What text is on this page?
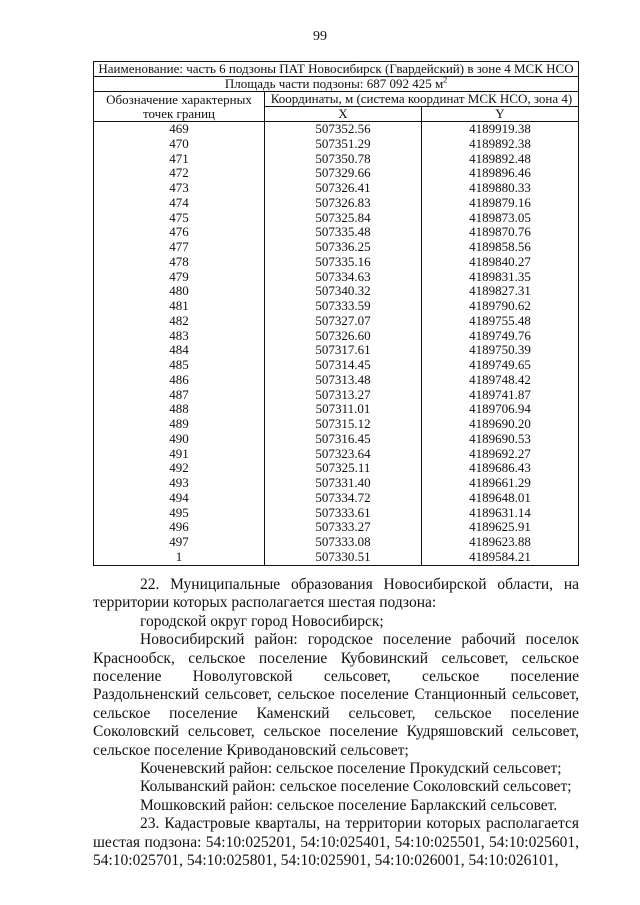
99
Наименование: часть 6 подзоны ПАТ Новосибирск (Гвардейский) в зоне 4 МСК НСО		
Площадь части подзоны: 687 092 425 $м^2$
Обозначение характерных
точек границ	Координаты, м (система координат МСК НСО, зона 4)	
	X	Y
469	507352.56	4189919.38
470	507351.29	4189892.38
471	507350.78	4189892.48
472	507329.66	4189896.46
473	507326.41	4189880.33
474	507326.83	4189879.16
475	507325.84	4189873.05
476	507335.48	4189870.76
477	507336.25	4189858.56
478	507335.16	4189840.27
479	507334.63	4189831.35
480	507340.32	4189827.31
481	507333.59	4189790.62
482	507327.07	4189755.48
483	507326.60	4189749.76
484	507317.61	4189750.39
485	507314.45	4189749.65
486	507313.48	4189748.42
487	507313.27	4189741.87
488	507311.01	4189706.94
489	507315.12	4189690.20
490	507316.45	4189690.53
491	507323.64	4189692.27
492	507325.11	4189686.43
493	507331.40	4189661.29
494	507334.72	4189648.01
495	507333.61	4189631.14
496	507333.27	4189625.91
497	507333.08	4189623.88
1	507330.51	4189584.21

22. Муниципальные образования Новосибирской области, на территории которых располагается шестая подзона:

городской округ город Новосибирск;

Новосибирский район: городское поселение рабочий поселок Краснообск, сельское поселение Кубовинский сельсовет, сельское поселение Новолуговской сельсовет, сельское поселение Раздольненский сельсовет, сельское поселение Станционный сельсовет, сельское поселение Каменский сельсовет, сельское поселение Соколовский сельсовет, сельское поселение Кудряшовский сельсовет, сельское поселение Криводановский сельсовет;

Коченевский район: сельское поселение Прокудский сельсовет;

Колыванский район: сельское поселение Соколовский сельсовет;

Мошковский район: сельское поселение Барлакский сельсовет.

23. Кадастровые кварталы, на территории которых располагается шестая подзона: 54:10:025201, 54:10:025401, 54:10:025501, 54:10:025601, 54:10:025701, 54:10:025801, 54:10:025901, 54:10:026001, 54:10:026101,
